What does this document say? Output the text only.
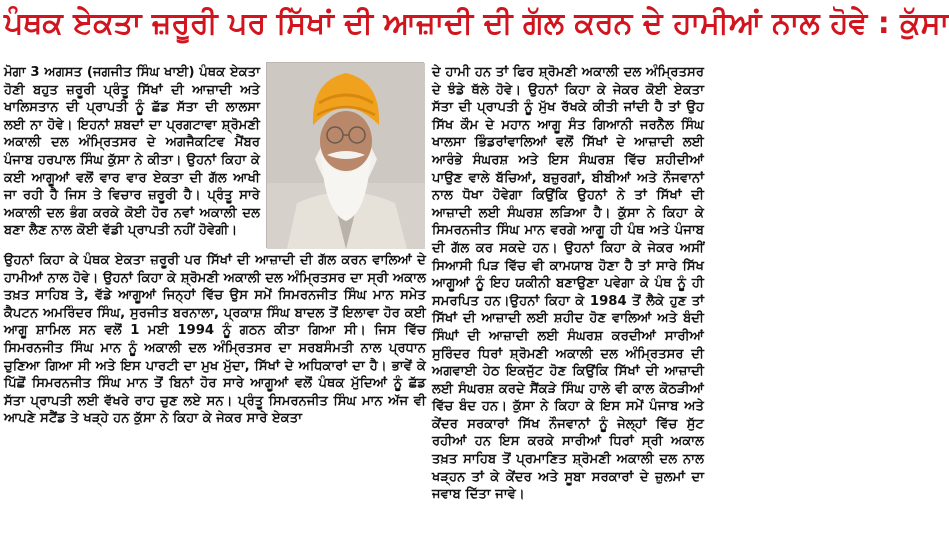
ਪੰਥਕ ਏਕਤਾ ਜ਼ਰੂਰੀ ਪਰ ਸਿੱਖਾਂ ਦੀ ਆਜ਼ਾਦੀ ਦੀ ਗੱਲ ਕਰਨ ਦੇ ਹਾਮੀਆਂ ਨਾਲ ਹੋਵੇ : ਕੁੱਸਾ

ਮੋਗਾ 3 ਅਗਸਤ (ਜਗਜੀਤ ਸਿੰਘ ਖਾਈ) ਪੰਥਕ ਏਕਤਾ ਹੋਣੀ ਬਹੁਤ ਜ਼ਰੂਰੀ ਪ੍ਰੰਤੂ ਸਿੱਖਾਂ ਦੀ ਆਜ਼ਾਦੀ ਅਤੇ ਖਾਲਿਸਤਾਨ ਦੀ ਪ੍ਰਾਪਤੀ ਨੂੰ ਛੱਡ ਸੱਤਾ ਦੀ ਲਾਲਸਾ ਲਈ ਨਾ ਹੋਵੇ। ਇਹਨਾਂ ਸ਼ਬਦਾਂ ਦਾ ਪ੍ਰਗਟਾਵਾ ਸ਼੍ਰੋਮਣੀ ਅਕਾਲੀ ਦਲ ਅੰਮ੍ਰਿਤਸਰ ਦੇ ਅਗਜੈਕਟਿਵ ਮੈਂਬਰ ਪੰਜਾਬ ਹਰਪਾਲ ਸਿੰਘ ਕੁੱਸਾ ਨੇ ਕੀਤਾ। ਉਹਨਾਂ ਕਿਹਾ ਕੇ ਕਈ ਆਗੂਆਂ ਵਲੋਂ ਵਾਰ ਵਾਰ ਏਕਤਾ ਦੀ ਗੱਲ ਆਖੀ ਜਾ ਰਹੀ ਹੈ ਜਿਸ ਤੇ ਵਿਚਾਰ ਜ਼ਰੂਰੀ ਹੈ। ਪ੍ਰੰਤੂ ਸਾਰੇ ਅਕਾਲੀ ਦਲ ਭੰਗ ਕਰਕੇ ਕੋਈ ਹੋਰ ਨਵਾਂ ਅਕਾਲੀ ਦਲ ਬਣਾ ਲੈਣ ਨਾਲ ਕੋਈ ਵੱਡੀ ਪ੍ਰਾਪਤੀ ਨਹੀਂ ਹੋਵੇਗੀ।

ਉਹਨਾਂ ਕਿਹਾ ਕੇ ਪੰਥਕ ਏਕਤਾ ਜ਼ਰੂਰੀ ਪਰ ਸਿੱਖਾਂ ਦੀ ਆਜ਼ਾਦੀ ਦੀ ਗੱਲ ਕਰਨ ਵਾਲਿਆਂ ਦੇ ਹਾਮੀਆਂ ਨਾਲ ਹੋਵੇ। ਉਹਨਾਂ ਕਿਹਾ ਕੇ ਸ਼੍ਰੋਮਣੀ ਅਕਾਲੀ ਦਲ ਅੰਮ੍ਰਿਤਸਰ ਦਾ ਸ੍ਰੀ ਅਕਾਲ ਤਖ਼ਤ ਸਾਹਿਬ ਤੇ, ਵੱਡੇ ਆਗੂਆਂ ਜਿਨ੍ਹਾਂ ਵਿੱਚ ਉਸ ਸਮੇਂ ਸਿਮਰਨਜੀਤ ਸਿੰਘ ਮਾਨ ਸਮੇਤ ਕੈਪਟਨ ਅਮਰਿੰਦਰ ਸਿੰਘ, ਸੁਰਜੀਤ ਬਰਨਾਲਾ, ਪ੍ਰਕਾਸ਼ ਸਿੰਘ ਬਾਦਲ ਤੋਂ ਇਲਾਵਾ ਹੋਰ ਕਈ ਆਗੂ ਸ਼ਾਮਿਲ ਸਨ ਵਲੋਂ 1 ਮਈ 1994 ਨੂੰ ਗਠਨ ਕੀਤਾ ਗਿਆ ਸੀ। ਜਿਸ ਵਿੱਚ ਸਿਮਰਨਜੀਤ ਸਿੰਘ ਮਾਨ ਨੂੰ ਅਕਾਲੀ ਦਲ ਅੰਮ੍ਰਿਤਸਰ ਦਾ ਸਰਬਸੰਮਤੀ ਨਾਲ ਪ੍ਰਧਾਨ ਚੁਣਿਆ ਗਿਆ ਸੀ ਅਤੇ ਇਸ ਪਾਰਟੀ ਦਾ ਮੁਖ ਮੁੱਦਾ, ਸਿੱਖਾਂ ਦੇ ਅਧਿਕਾਰਾਂ ਦਾ ਹੈ। ਭਾਵੇਂ ਕੇ ਪਿੱਛੋਂ ਸਿਮਰਨਜੀਤ ਸਿੰਘ ਮਾਨ ਤੋਂ ਬਿਨਾਂ ਹੋਰ ਸਾਰੇ ਆਗੂਆਂ ਵਲੋਂ ਪੰਥਕ ਮੁੱਦਿਆਂ ਨੂੰ ਛੱਡ ਸੱਤਾ ਪ੍ਰਾਪਤੀ ਲਈ ਵੱਖਰੇ ਰਾਹ ਚੁਣ ਲਏ ਸਨ। ਪ੍ਰੰਤੂ ਸਿਮਰਨਜੀਤ ਸਿੰਘ ਮਾਨ ਅੱਜ ਵੀ ਆਪਣੇ ਸਟੈਂਡ ਤੇ ਖੜ੍ਹੇ ਹਨ ਕੁੱਸਾ ਨੇ ਕਿਹਾ ਕੇ ਜੇਕਰ ਸਾਰੇ ਏਕਤਾ

ਦੇ ਹਾਮੀ ਹਨ ਤਾਂ ਫਿਰ ਸ਼੍ਰੋਮਣੀ ਅਕਾਲੀ ਦਲ ਅੰਮ੍ਰਿਤਸਰ ਦੇ ਝੰਡੇ ਥੱਲੇ ਹੋਵੇ। ਉਹਨਾਂ ਕਿਹਾ ਕੇ ਜੇਕਰ ਕੋਈ ਏਕਤਾ ਸੱਤਾ ਦੀ ਪ੍ਰਾਪਤੀ ਨੂੰ ਮੁੱਖ ਰੱਖਕੇ ਕੀਤੀ ਜਾਂਦੀ ਹੈ ਤਾਂ ਉਹ ਸਿੱਖ ਕੌਮ ਦੇ ਮਹਾਨ ਆਗੂ ਸੰਤ ਗਿਆਨੀ ਜਰਨੈਲ ਸਿੰਘ ਖਾਲਸਾ ਭਿੰਡਰਾਂਵਾਲਿਆਂ ਵਲੋਂ ਸਿੱਖਾਂ ਦੇ ਆਜ਼ਾਦੀ ਲਈ ਆਰੰਭੇ ਸੰਘਰਸ਼ ਅਤੇ ਇਸ ਸੰਘਰਸ਼ ਵਿੱਚ ਸ਼ਹੀਦੀਆਂ ਪਾਉਣ ਵਾਲੇ ਬੱਚਿਆਂ, ਬਜ਼ੁਰਗਾਂ, ਬੀਬੀਆਂ ਅਤੇ ਨੌਜਵਾਨਾਂ ਨਾਲ ਧੋਖਾ ਹੋਵੇਗਾ ਕਿਉਂਕਿ ਉਹਨਾਂ ਨੇ ਤਾਂ ਸਿੱਖਾਂ ਦੀ ਆਜ਼ਾਦੀ ਲਈ ਸੰਘਰਸ਼ ਲੜਿਆ ਹੈ। ਕੁੱਸਾ ਨੇ ਕਿਹਾ ਕੇ ਸਿਮਰਨਜੀਤ ਸਿੰਘ ਮਾਨ ਵਰਗੇ ਆਗੂ ਹੀ ਪੰਥ ਅਤੇ ਪੰਜਾਬ ਦੀ ਗੱਲ ਕਰ ਸਕਦੇ ਹਨ। ਉਹਨਾਂ ਕਿਹਾ ਕੇ ਜੇਕਰ ਅਸੀਂ ਸਿਆਸੀ ਪਿੜ ਵਿੱਚ ਵੀ ਕਾਮਯਾਬ ਹੋਣਾ ਹੈ ਤਾਂ ਸਾਰੇ ਸਿੱਖ ਆਗੂਆਂ ਨੂੰ ਇਹ ਯਕੀਨੀ ਬਣਾਉਣਾ ਪਵੇਗਾ ਕੇ ਪੰਥ ਨੂੰ ਹੀ ਸਮਰਪਿਤ ਹਨ।ਉਹਨਾਂ ਕਿਹਾ ਕੇ 1984 ਤੋਂ ਲੈਕੇ ਹੁਣ ਤਾਂ ਸਿੱਖਾਂ ਦੀ ਆਜ਼ਾਦੀ ਲਈ ਸ਼ਹੀਦ ਹੋਣ ਵਾਲਿਆਂ ਅਤੇ ਬੰਦੀ ਸਿੰਘਾਂ ਦੀ ਆਜ਼ਾਦੀ ਲਈ ਸੰਘਰਸ਼ ਕਰਦੀਆਂ ਸਾਰੀਆਂ ਸੁਰਿੰਦਰ ਧਿਰਾਂ ਸ਼੍ਰੋਮਣੀ ਅਕਾਲੀ ਦਲ ਅੰਮ੍ਰਿਤਸਰ ਦੀ ਅਗਵਾਈ ਹੇਠ ਇਕਜੁੱਟ ਹੋਣ ਕਿਉਂਕਿ ਸਿੱਖਾਂ ਦੀ ਆਜ਼ਾਦੀ ਲਈ ਸੰਘਰਸ਼ ਕਰਦੇ ਸੈਂਕੜੇ ਸਿੰਘ ਹਾਲੇ ਵੀ ਕਾਲ ਕੋਠੜੀਆਂ ਵਿੱਚ ਬੰਦ ਹਨ। ਕੁੱਸਾ ਨੇ ਕਿਹਾ ਕੇ ਇਸ ਸਮੇਂ ਪੰਜਾਬ ਅਤੇ ਕੇਂਦਰ ਸਰਕਾਰਾਂ ਸਿੱਖ ਨੌਜਵਾਨਾਂ ਨੂੰ ਜੇਲ੍ਹਾਂ ਵਿੱਚ ਸੁੱਟ ਰਹੀਆਂ ਹਨ ਇਸ ਕਰਕੇ ਸਾਰੀਆਂ ਧਿਰਾਂ ਸ੍ਰੀ ਅਕਾਲ ਤਖ਼ਤ ਸਾਹਿਬ ਤੋਂ ਪ੍ਰਮਾਣਿਤ ਸ਼੍ਰੋਮਣੀ ਅਕਾਲੀ ਦਲ ਨਾਲ ਖੜ੍ਹਨ ਤਾਂ ਕੇ ਕੇਂਦਰ ਅਤੇ ਸੂਬਾ ਸਰਕਾਰਾਂ ਦੇ ਜ਼ੁਲਮਾਂ ਦਾ ਜਵਾਬ ਦਿੱਤਾ ਜਾਵੇ।
